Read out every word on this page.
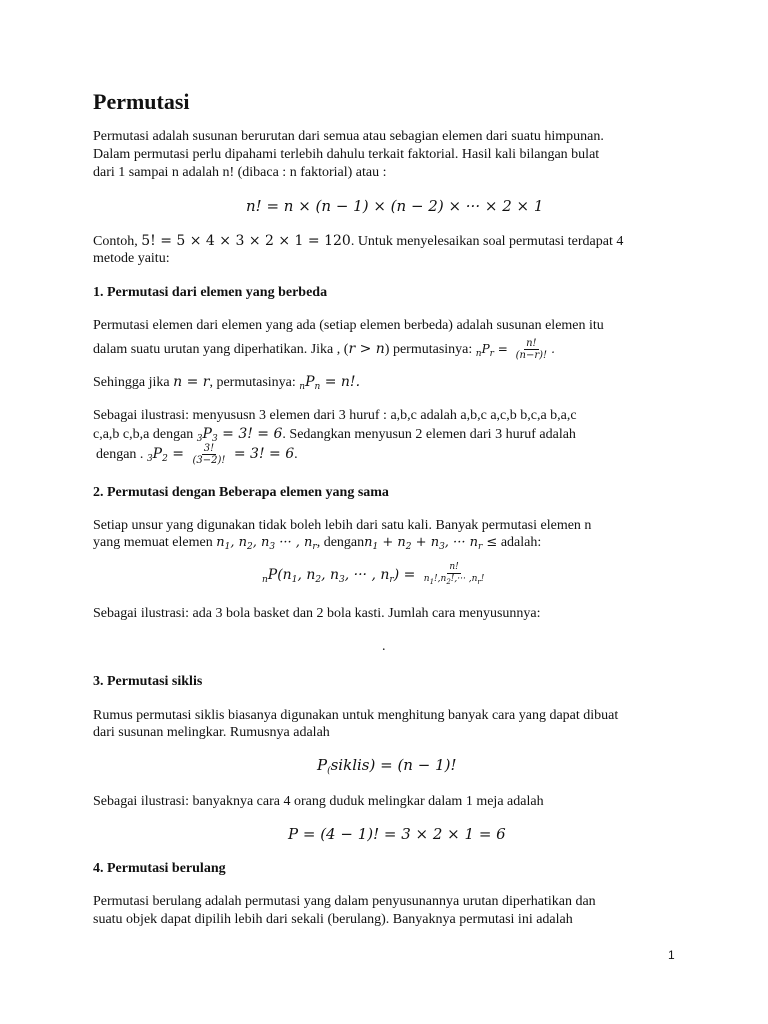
Permutasi
Permutasi adalah susunan berurutan dari semua atau sebagian elemen dari suatu himpunan.
Dalam permutasi perlu dipahami terlebih dahulu terkait faktorial. Hasil kali bilangan bulat
dari 1 sampai n adalah n! (dibaca : n faktorial) atau :
n! = n × (n − 1) × (n − 2) × ··· × 2 × 1
Contoh, 5! = 5 × 4 × 3 × 2 × 1 = 120. Untuk menyelesaikan soal permutasi terdapat 4
metode yaitu:
1. Permutasi dari elemen yang berbeda
Permutasi elemen dari elemen yang ada (setiap elemen berbeda) adalah susunan elemen itu
dalam suatu urutan yang diperhatikan. Jika , (r > n) permutasinya: $_nP_r = \frac{n!}{(n-r)!}$ .
Sehingga jika n = r, permutasinya: $_nP_n = n$!.
Sebagai ilustrasi: menyususn 3 elemen dari 3 huruf : a,b,c adalah a,b,c a,c,b b,c,a b,a,c
c,a,b c,b,a dengan $_3P_3 = 3$! = 6. Sedangkan menyusun 2 elemen dari 3 huruf adalah
dengan . $_3P_2 = \frac{3!}{(3-2)!} = 3$! = 6.
2. Permutasi dengan Beberapa elemen yang sama
Setiap unsur yang digunakan tidak boleh lebih dari satu kali. Banyak permutasi elemen n
yang memuat elemen $n_1$, $n_2$, $n_3$ ··· , $n_r$, dengann$_1$ + $n_2 + n_3$, ··· $n_r$ ≤ adalah:
$_nP(n_1$, $n_2$, $n_3$, ··· , $n_r) = \frac{n!}{n_1!,n_2!,\cdot\cdot\cdot ,n_r!}$
Sebagai ilustrasi: ada 3 bola basket dan 2 bola kasti. Jumlah cara menyusunnya:
.
3. Permutasi siklis
Rumus permutasi siklis biasanya digunakan untuk menghitung banyak cara yang dapat dibuat
dari susunan melingkar. Rumusnya adalah
$P_(siklis) = (n - 1)$!
Sebagai ilustrasi: banyaknya cara 4 orang duduk melingkar dalam 1 meja adalah
P = (4 − 1)! = 3 × 2 × 1 = 6
4. Permutasi berulang
Permutasi berulang adalah permutasi yang dalam penyusunannya urutan diperhatikan dan
suatu objek dapat dipilih lebih dari sekali (berulang). Banyaknya permutasi ini adalah
1
